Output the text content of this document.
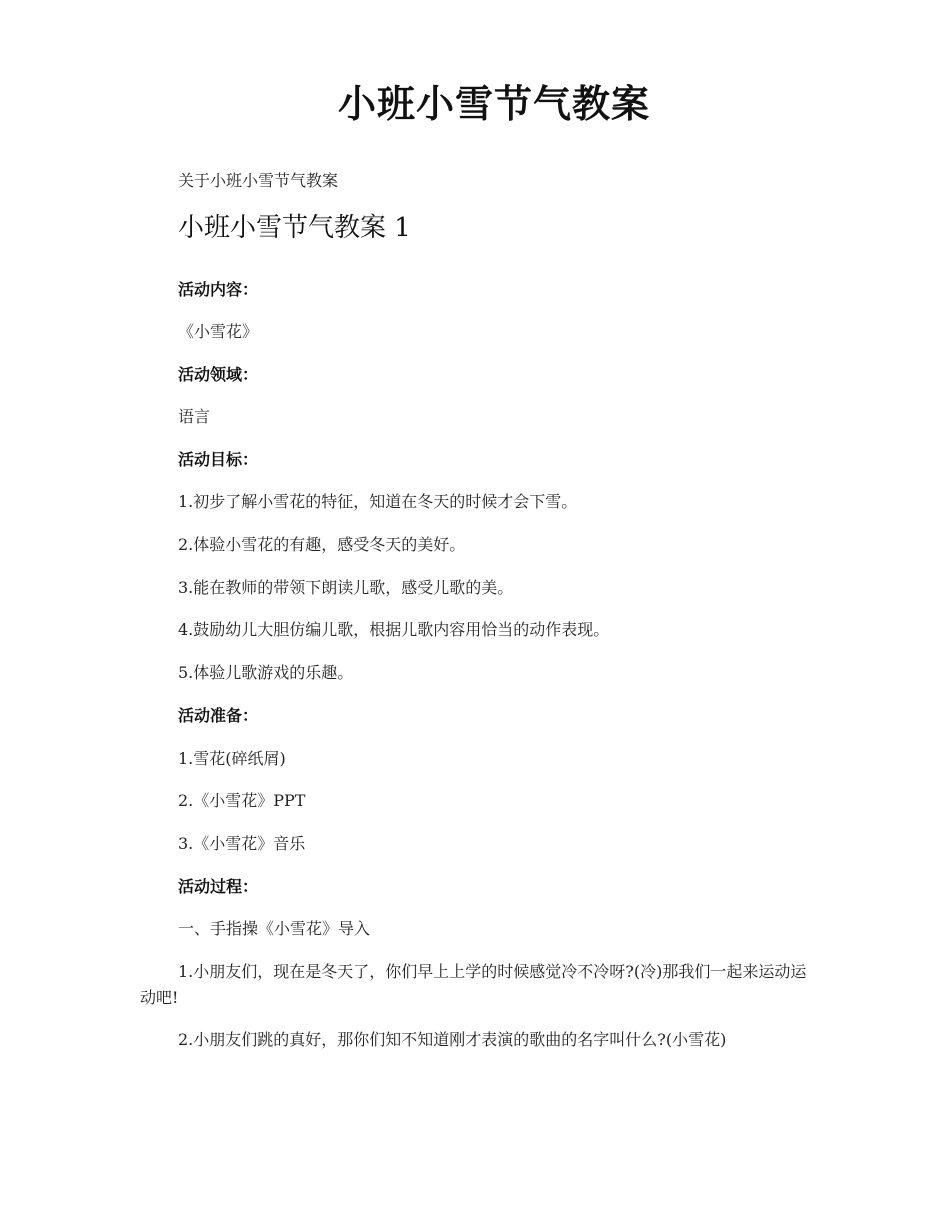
小班小雪节气教案
关于小班小雪节气教案
小班小雪节气教案 1
活动内容：
《小雪花》
活动领域：
语言
活动目标：
1.初步了解小雪花的特征，知道在冬天的时候才会下雪。
2.体验小雪花的有趣，感受冬天的美好。
3.能在教师的带领下朗读儿歌，感受儿歌的美。
4.鼓励幼儿大胆仿编儿歌，根据儿歌内容用恰当的动作表现。
5.体验儿歌游戏的乐趣。
活动准备：
1.雪花(碎纸屑)
2.《小雪花》PPT
3.《小雪花》音乐
活动过程：
一、手指操《小雪花》导入
1.小朋友们，现在是冬天了，你们早上上学的时候感觉冷不冷呀?(冷)那我们一起来运动运动吧!
2.小朋友们跳的真好，那你们知不知道刚才表演的歌曲的名字叫什么?(小雪花)
